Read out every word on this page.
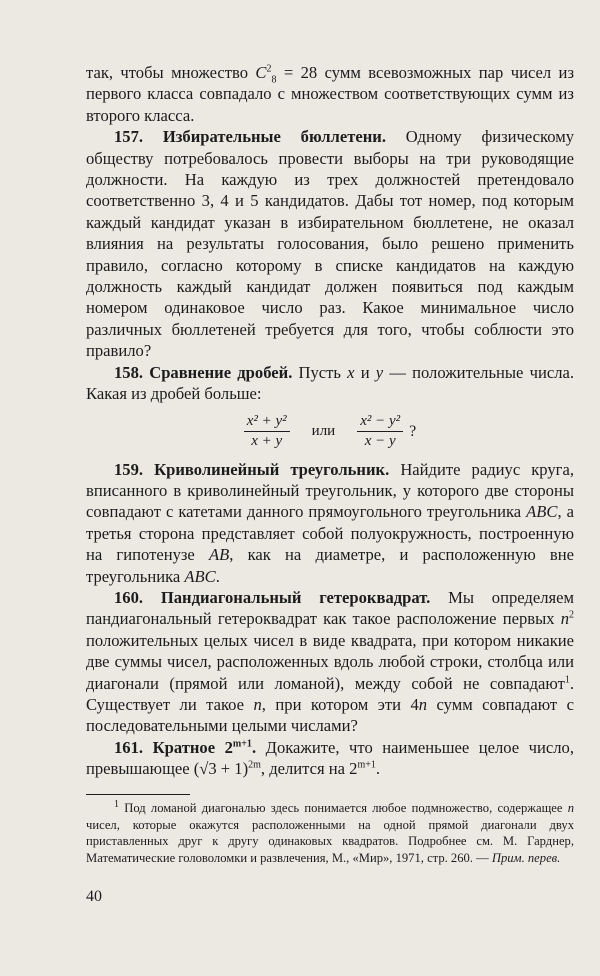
так, чтобы множество $C^2_8 = 28$ сумм всевозможных пар чисел из первого класса совпадало с множеством соответствующих сумм из второго класса.

157. Избирательные бюллетени. Одному физическому обществу потребовалось провести выборы на три руководящие должности. На каждую из трех должностей претендовало соответственно 3, 4 и 5 кандидатов. Дабы тот номер, под которым каждый кандидат указан в избирательном бюллетене, не оказал влияния на результаты голосования, было решено применить правило, согласно которому в списке кандидатов на каждую должность каждый кандидат должен появиться под каждым номером одинаковое число раз. Какое минимальное число различных бюллетеней требуется для того, чтобы соблюсти это правило?

158. Сравнение дробей. Пусть x и y — положительные числа. Какая из дробей больше:

$\frac{\text{x² + y²}}{x + y}$ или $\frac{\text{x² − y²}}{x - y}$ ?

159. Криволинейный треугольник. Найдите радиус круга, вписанного в криволинейный треугольник, у которого две стороны совпадают с катетами данного прямоугольного треугольника ABC, а третья сторона представляет собой полуокружность, построенную на гипотенузе AB, как на диаметре, и расположенную вне треугольника ABC.

160. Пандиагональный гетероквадрат. Мы определяем пандиагональный гетероквадрат как такое расположение первых $n^2$ положительных целых чисел в виде квадрата, при котором никакие две суммы чисел, расположенных вдоль любой строки, столбца или диагонали (прямой или ломаной), между собой не совпадают$^1$. Существует ли такое n, при котором эти 4n сумм совпадают с последовательными целыми числами?

161. Кратное $2^{m+1}$. Докажите, что наименьшее целое число, превышающее $(√3 + 1)^{2m}$, делится на $2^{m+1}$.

$^1$ Под ломаной диагональю здесь понимается любое подмножество, содержащее n чисел, которые окажутся расположенными на одной прямой диагонали двух приставленных друг к другу одинаковых квадратов. Подробнее см. М. Гарднер, Математические головоломки и развлечения, М., «Мир», 1971, стр. 260. — Прим. перев.

40
